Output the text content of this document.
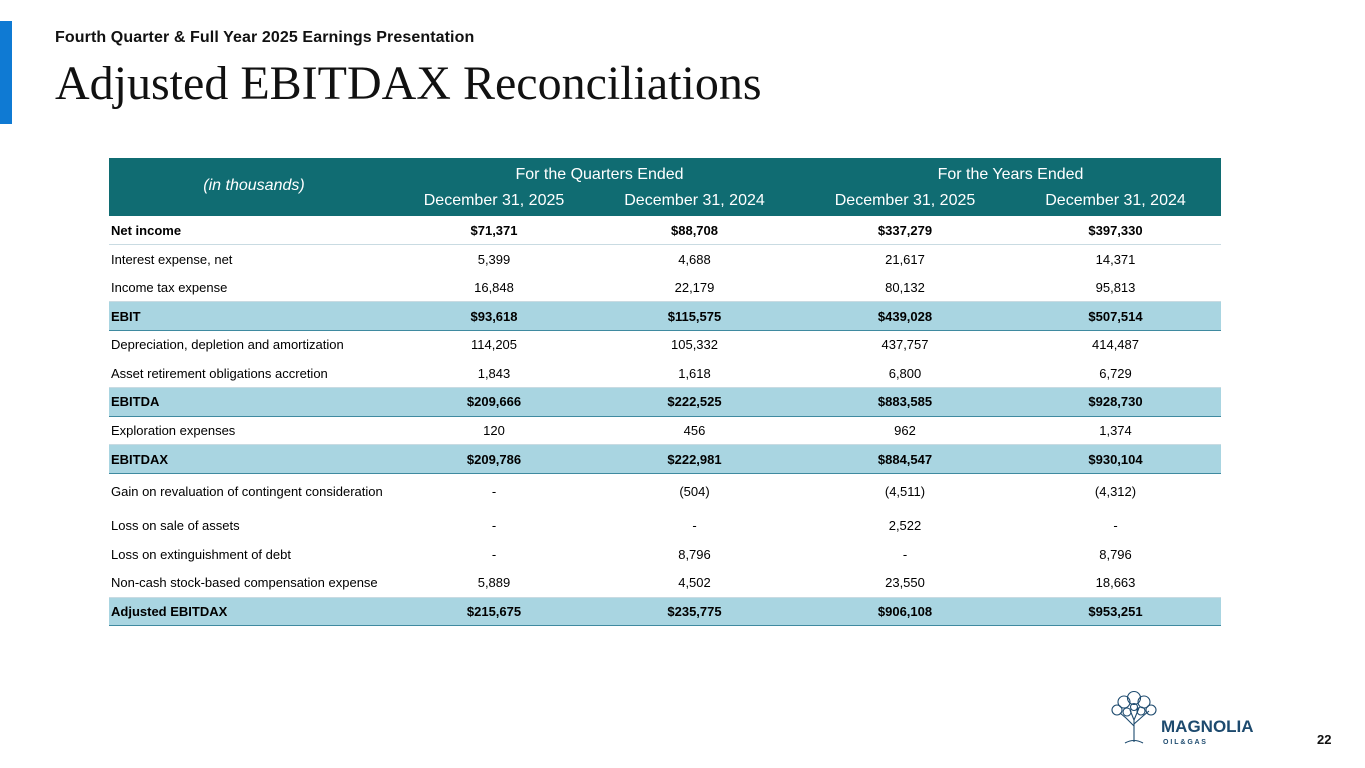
Fourth Quarter & Full Year 2025 Earnings Presentation
Adjusted EBITDAX Reconciliations
(in thousands)	For the Quarters Ended		For the Years Ended	
	December 31, 2025	December 31, 2024	December 31, 2025	December 31, 2024
Net income	$71,371	$88,708	$337,279	$397,330
Interest expense, net	5,399	4,688	21,617	14,371
Income tax expense	16,848	22,179	80,132	95,813
EBIT	$93,618	$115,575	$439,028	$507,514
Depreciation, depletion and amortization	114,205	105,332	437,757	414,487
Asset retirement obligations accretion	1,843	1,618	6,800	6,729
EBITDA	$209,666	$222,525	$883,585	$928,730
Exploration expenses	120	456	962	1,374
EBITDAX	$209,786	$222,981	$884,547	$930,104
Gain on revaluation of contingent consideration	-	(504)	(4,511)	(4,312)
Loss on sale of assets	-	-	2,522	-
Loss on extinguishment of debt	-	8,796	-	8,796
Non-cash stock-based compensation expense	5,889	4,502	23,550	18,663
Adjusted EBITDAX	$215,675	$235,775	$906,108	$953,251
MAGNOLIA
O I L & G A S	22
